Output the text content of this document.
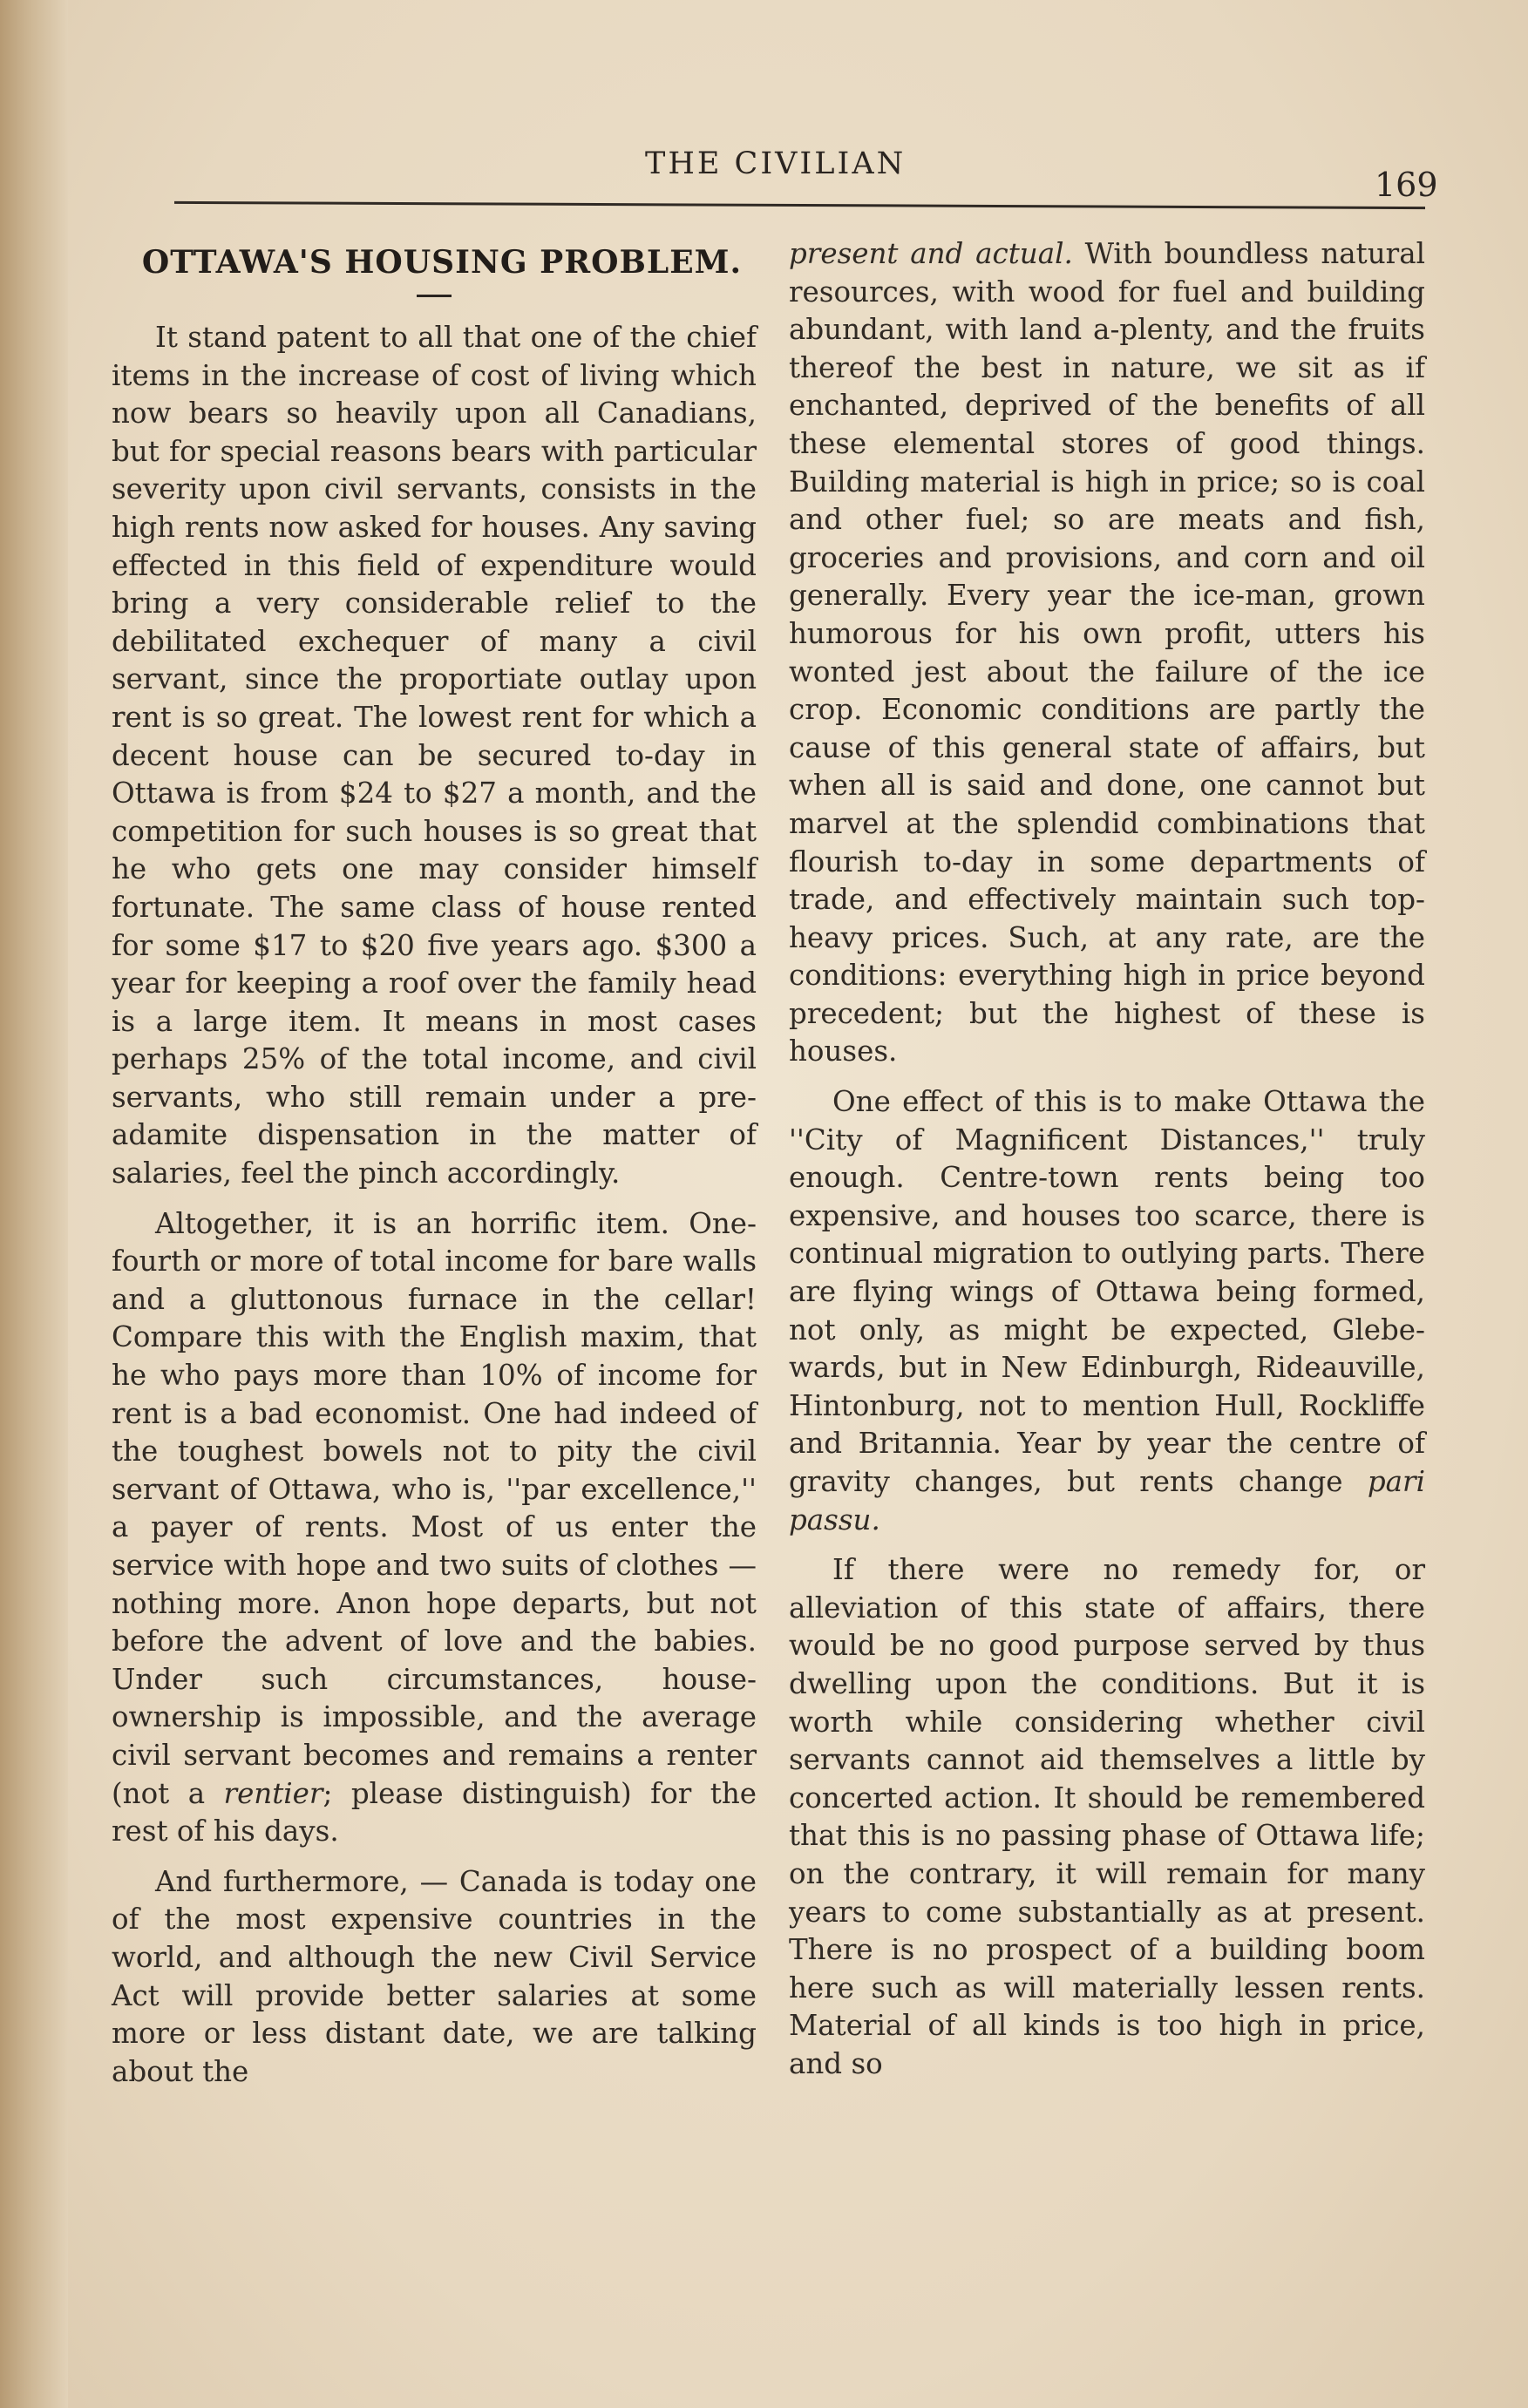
THE CIVILIAN
169
OTTAWA'S HOUSING PROBLEM.

It stand patent to all that one of the chief items in the increase of cost of living which now bears so heavily upon all Canadians, but for special reasons bears with particular severity upon civil servants, consists in the high rents now asked for houses. Any saving effected in this field of expenditure would bring a very considerable relief to the debilitated exchequer of many a civil servant, since the proportiate outlay upon rent is so great. The lowest rent for which a decent house can be secured to-day in Ottawa is from $24 to $27 a month, and the competition for such houses is so great that he who gets one may consider himself fortunate. The same class of house rented for some $17 to $20 five years ago. $300 a year for keeping a roof over the family head is a large item. It means in most cases perhaps 25% of the total income, and civil servants, who still remain under a pre-adamite dispensation in the matter of salaries, feel the pinch accordingly.

Altogether, it is an horrific item. One-fourth or more of total income for bare walls and a gluttonous furnace in the cellar! Compare this with the English maxim, that he who pays more than 10% of income for rent is a bad economist. One had indeed of the toughest bowels not to pity the civil servant of Ottawa, who is, ''par excellence,'' a payer of rents. Most of us enter the service with hope and two suits of clothes — nothing more. Anon hope departs, but not before the advent of love and the babies. Under such circumstances, house-ownership is impossible, and the average civil servant becomes and remains a renter (not a rentier; please distinguish) for the rest of his days.

And furthermore, — Canada is today one of the most expensive countries in the world, and although the new Civil Service Act will provide better salaries at some more or less distant date, we are talking about the

present and actual. With boundless natural resources, with wood for fuel and building abundant, with land a-plenty, and the fruits thereof the best in nature, we sit as if enchanted, deprived of the benefits of all these elemental stores of good things. Building material is high in price; so is coal and other fuel; so are meats and fish, groceries and provisions, and corn and oil generally. Every year the ice-man, grown humorous for his own profit, utters his wonted jest about the failure of the ice crop. Economic conditions are partly the cause of this general state of affairs, but when all is said and done, one cannot but marvel at the splendid combinations that flourish to-day in some departments of trade, and effectively maintain such top-heavy prices. Such, at any rate, are the conditions: everything high in price beyond precedent; but the highest of these is houses.

One effect of this is to make Ottawa the ''City of Magnificent Distances,'' truly enough. Centre-town rents being too expensive, and houses too scarce, there is continual migration to outlying parts. There are flying wings of Ottawa being formed, not only, as might be expected, Glebe-wards, but in New Edinburgh, Rideauville, Hintonburg, not to mention Hull, Rockliffe and Britannia. Year by year the centre of gravity changes, but rents change pari passu.

If there were no remedy for, or alleviation of this state of affairs, there would be no good purpose served by thus dwelling upon the conditions. But it is worth while considering whether civil servants cannot aid themselves a little by concerted action. It should be remembered that this is no passing phase of Ottawa life; on the contrary, it will remain for many years to come substantially as at present. There is no prospect of a building boom here such as will materially lessen rents. Material of all kinds is too high in price, and so
